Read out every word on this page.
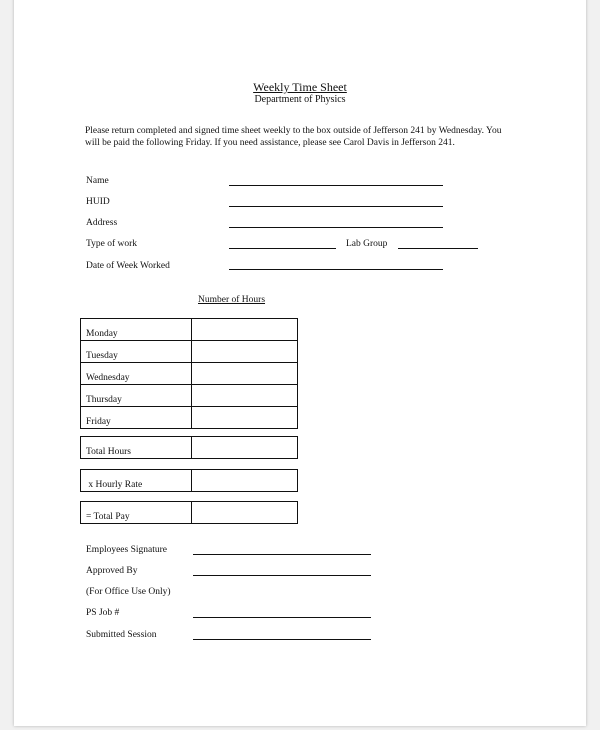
Weekly Time Sheet
Department of Physics
Please return completed and signed time sheet weekly to the box outside of Jefferson 241 by Wednesday. You will be paid the following Friday. If you need assistance, please see Carol Davis in Jefferson 241.
Name
HUID
Address
Type of work	Lab Group
Date of Week Worked
Number of Hours
Monday	
Tuesday	
Wednesday	
Thursday	
Friday	
Total Hours	
x Hourly Rate	
= Total Pay	
Employees Signature
Approved By
(For Office Use Only)
PS Job #
Submitted Session
